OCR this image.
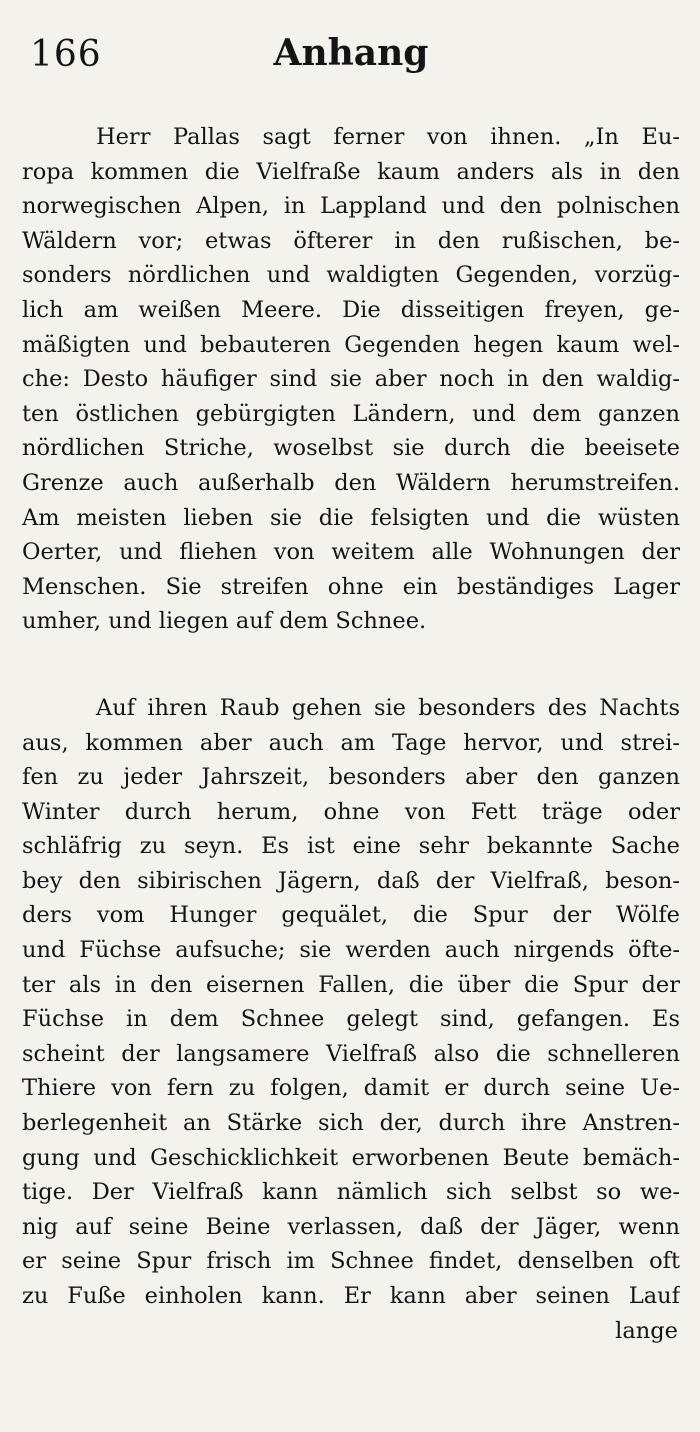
166	Anhang

Herr Pallas sagt ferner von ihnen. „In Eu-
ropa kommen die Vielfraße kaum anders als in den
norwegischen Alpen, in Lappland und den polnischen
Wäldern vor; etwas öfterer in den rußischen, be-
sonders nördlichen und waldigten Gegenden, vorzüg-
lich am weißen Meere. Die disseitigen freyen, ge-
mäßigten und bebauteren Gegenden hegen kaum wel-
che: Desto häufiger sind sie aber noch in den waldig-
ten östlichen gebürgigten Ländern, und dem ganzen
nördlichen Striche, woselbst sie durch die beeisete
Grenze auch außerhalb den Wäldern herumstreifen.
Am meisten lieben sie die felsigten und die wüsten
Oerter, und fliehen von weitem alle Wohnungen der
Menschen. Sie streifen ohne ein beständiges Lager
umher, und liegen auf dem Schnee.

Auf ihren Raub gehen sie besonders des Nachts
aus, kommen aber auch am Tage hervor, und strei-
fen zu jeder Jahrszeit, besonders aber den ganzen
Winter durch herum, ohne von Fett träge oder
schläfrig zu seyn. Es ist eine sehr bekannte Sache
bey den sibirischen Jägern, daß der Vielfraß, beson-
ders vom Hunger gequälet, die Spur der Wölfe
und Füchse aufsuche; sie werden auch nirgends öfte-
ter als in den eisernen Fallen, die über die Spur der
Füchse in dem Schnee gelegt sind, gefangen. Es
scheint der langsamere Vielfraß also die schnelleren
Thiere von fern zu folgen, damit er durch seine Ue-
berlegenheit an Stärke sich der, durch ihre Anstren-
gung und Geschicklichkeit erworbenen Beute bemäch-
tige. Der Vielfraß kann nämlich sich selbst so we-
nig auf seine Beine verlassen, daß der Jäger, wenn
er seine Spur frisch im Schnee findet, denselben oft
zu Fuße einholen kann. Er kann aber seinen Lauf

lange
